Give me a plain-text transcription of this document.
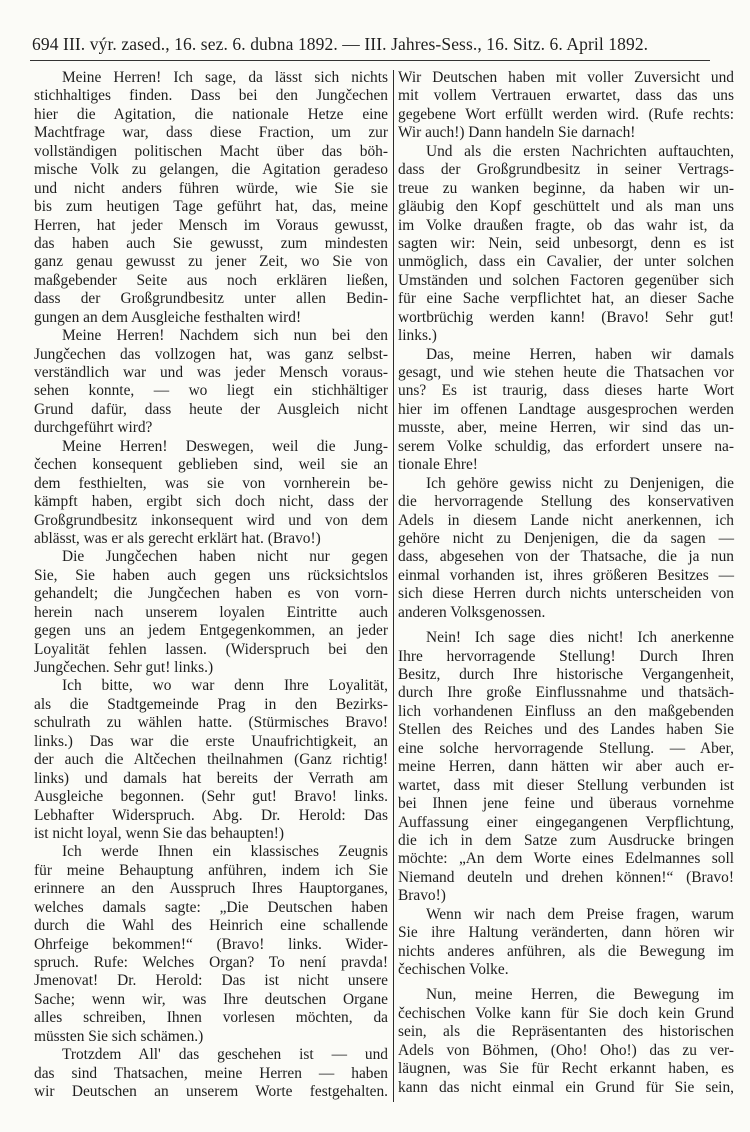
694 III. výr. zased., 16. sez. 6. dubna 1892. — III. Jahres-Sess., 16. Sitz. 6. April 1892.
Meine Herren! Ich sage, da lässt sich nichts
stichhaltiges finden. Dass bei den Jungčechen
hier die Agitation, die nationale Hetze eine
Machtfrage war, dass diese Fraction, um zur
vollständigen politischen Macht über das böh-
mische Volk zu gelangen, die Agitation geradeso
und nicht anders führen würde, wie Sie sie
bis zum heutigen Tage geführt hat, das, meine
Herren, hat jeder Mensch im Voraus gewusst,
das haben auch Sie gewusst, zum mindesten
ganz genau gewusst zu jener Zeit, wo Sie von
maßgebender Seite aus noch erklären ließen,
dass der Großgrundbesitz unter allen Bedin-
gungen an dem Ausgleiche festhalten wird!
Meine Herren! Nachdem sich nun bei den
Jungčechen das vollzogen hat, was ganz selbst-
verständlich war und was jeder Mensch voraus-
sehen konnte, — wo liegt ein stichhältiger
Grund dafür, dass heute der Ausgleich nicht
durchgeführt wird?
Meine Herren! Deswegen, weil die Jung-
čechen konsequent geblieben sind, weil sie an
dem festhielten, was sie von vornherein be-
kämpft haben, ergibt sich doch nicht, dass der
Großgrundbesitz inkonsequent wird und von dem
ablässt, was er als gerecht erklärt hat. (Bravo!)
Die Jungčechen haben nicht nur gegen
Sie, Sie haben auch gegen uns rücksichtslos
gehandelt; die Jungčechen haben es von vorn-
herein nach unserem loyalen Eintritte auch
gegen uns an jedem Entgegenkommen, an jeder
Loyalität fehlen lassen. (Widerspruch bei den
Jungčechen. Sehr gut! links.)
Ich bitte, wo war denn Ihre Loyalität,
als die Stadtgemeinde Prag in den Bezirks-
schulrath zu wählen hatte. (Stürmisches Bravo!
links.) Das war die erste Unaufrichtigkeit, an
der auch die Altčechen theilnahmen (Ganz richtig!
links) und damals hat bereits der Verrath am
Ausgleiche begonnen. (Sehr gut! Bravo! links.
Lebhafter Widerspruch. Abg. Dr. Herold: Das
ist nicht loyal, wenn Sie das behaupten!)
Ich werde Ihnen ein klassisches Zeugnis
für meine Behauptung anführen, indem ich Sie
erinnere an den Ausspruch Ihres Hauptorganes,
welches damals sagte: „Die Deutschen haben
durch die Wahl des Heinrich eine schallende
Ohrfeige bekommen!“ (Bravo! links. Wider-
spruch. Rufe: Welches Organ? To není pravda!
Jmenovat! Dr. Herold: Das ist nicht unsere
Sache; wenn wir, was Ihre deutschen Organe
alles schreiben, Ihnen vorlesen möchten, da
müssten Sie sich schämen.)
Trotzdem All' das geschehen ist — und
das sind Thatsachen, meine Herren — haben
wir Deutschen an unserem Worte festgehalten.
Wir Deutschen haben mit voller Zuversicht und
mit vollem Vertrauen erwartet, dass das uns
gegebene Wort erfüllt werden wird. (Rufe rechts:
Wir auch!) Dann handeln Sie darnach!
Und als die ersten Nachrichten auftauchten,
dass der Großgrundbesitz in seiner Vertrags-
treue zu wanken beginne, da haben wir un-
gläubig den Kopf geschüttelt und als man uns
im Volke draußen fragte, ob das wahr ist, da
sagten wir: Nein, seid unbesorgt, denn es ist
unmöglich, dass ein Cavalier, der unter solchen
Umständen und solchen Factoren gegenüber sich
für eine Sache verpflichtet hat, an dieser Sache
wortbrüchig werden kann! (Bravo! Sehr gut!
links.)
Das, meine Herren, haben wir damals
gesagt, und wie stehen heute die Thatsachen vor
uns? Es ist traurig, dass dieses harte Wort
hier im offenen Landtage ausgesprochen werden
musste, aber, meine Herren, wir sind das un-
serem Volke schuldig, das erfordert unsere na-
tionale Ehre!
Ich gehöre gewiss nicht zu Denjenigen, die
die hervorragende Stellung des konservativen
Adels in diesem Lande nicht anerkennen, ich
gehöre nicht zu Denjenigen, die da sagen —
dass, abgesehen von der Thatsache, die ja nun
einmal vorhanden ist, ihres größeren Besitzes —
sich diese Herren durch nichts unterscheiden von
anderen Volksgenossen.
Nein! Ich sage dies nicht! Ich anerkenne
Ihre hervorragende Stellung! Durch Ihren
Besitz, durch Ihre historische Vergangenheit,
durch Ihre große Einflussnahme und thatsäch-
lich vorhandenen Einfluss an den maßgebenden
Stellen des Reiches und des Landes haben Sie
eine solche hervorragende Stellung. — Aber,
meine Herren, dann hätten wir aber auch er-
wartet, dass mit dieser Stellung verbunden ist
bei Ihnen jene feine und überaus vornehme
Auffassung einer eingegangenen Verpflichtung,
die ich in dem Satze zum Ausdrucke bringen
möchte: „An dem Worte eines Edelmannes soll
Niemand deuteln und drehen können!“ (Bravo!
Bravo!)
Wenn wir nach dem Preise fragen, warum
Sie ihre Haltung veränderten, dann hören wir
nichts anderes anführen, als die Bewegung im
čechischen Volke.
Nun, meine Herren, die Bewegung im
čechischen Volke kann für Sie doch kein Grund
sein, als die Repräsentanten des historischen
Adels von Böhmen, (Oho! Oho!) das zu ver-
läugnen, was Sie für Recht erkannt haben, es
kann das nicht einmal ein Grund für Sie sein,
